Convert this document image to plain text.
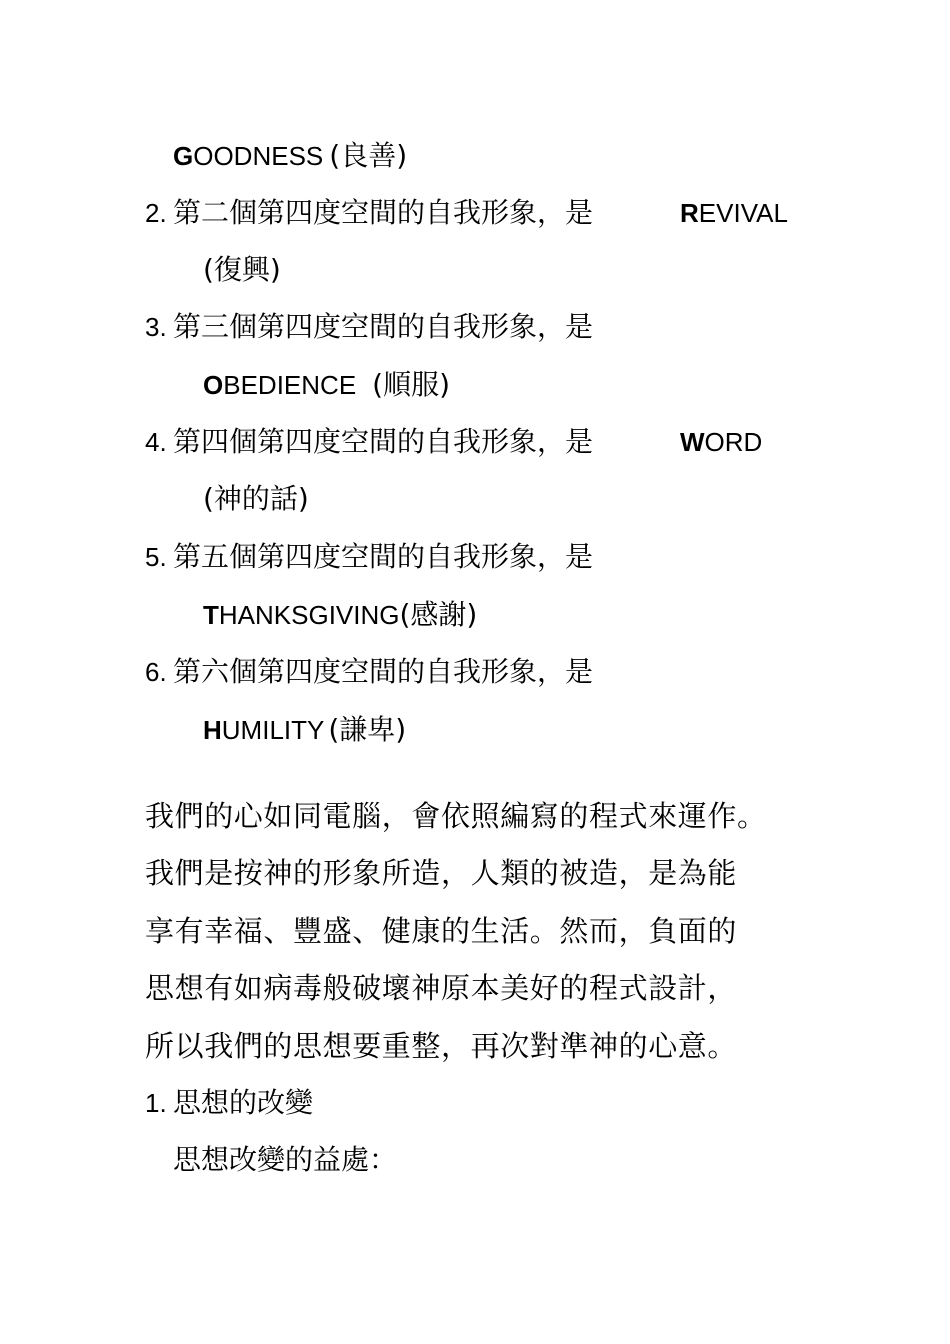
GOODNESS (良善)
2. 第二個第四度空間的自我形象，是	REVIVAL
(復興)
3. 第三個第四度空間的自我形象，是
OBEDIENCE (順服)
4. 第四個第四度空間的自我形象，是	WORD
(神的話)
5. 第五個第四度空間的自我形象，是
THANKSGIVING(感謝)
6. 第六個第四度空間的自我形象，是
HUMILITY (謙卑)
我們的心如同電腦，會依照編寫的程式來運作。
我們是按神的形象所造，人類的被造，是為能
享有幸福、豐盛、健康的生活。然而，負面的
思想有如病毒般破壞神原本美好的程式設計，
所以我們的思想要重整，再次對準神的心意。
1. 思想的改變
思想改變的益處：
